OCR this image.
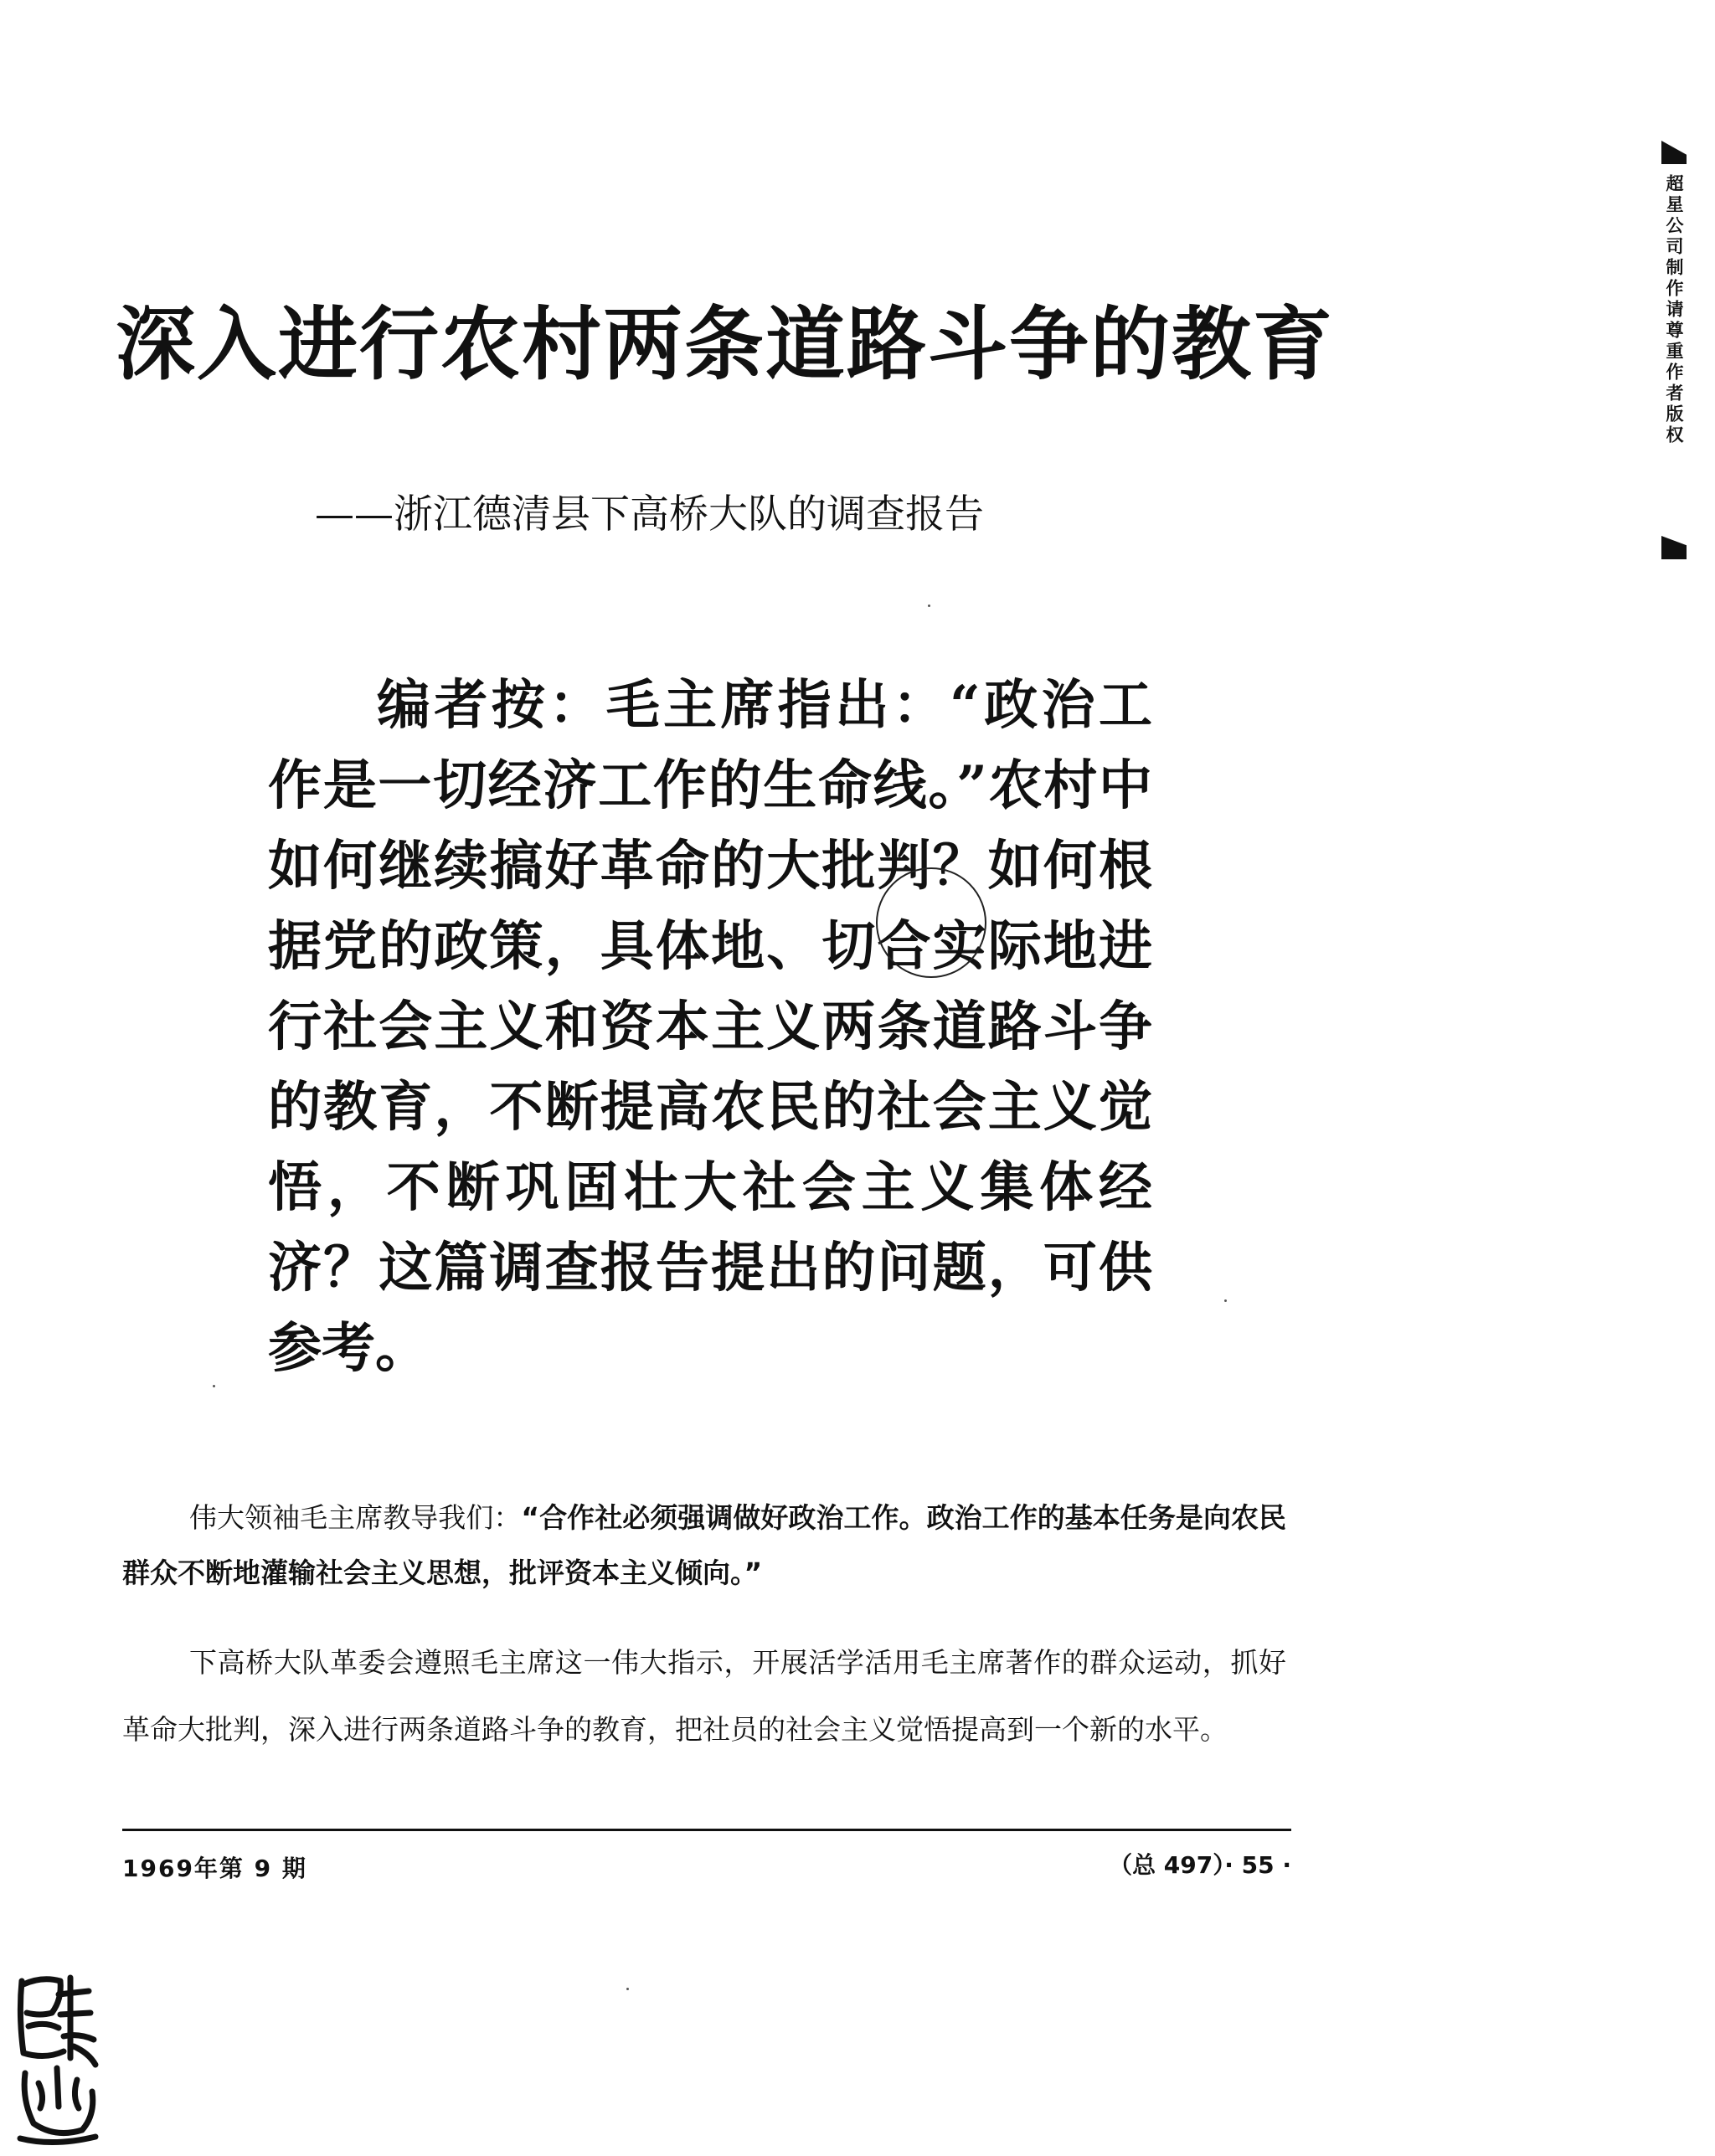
深入进行农村两条道路斗争的教育
——浙江德清县下高桥大队的调查报告

编者按：毛主席指出：“政治工作是一切经济工作的生命线。”农村中如何继续搞好革命的大批判？如何根据党的政策，具体地、切合实际地进行社会主义和资本主义两条道路斗争的教育，不断提高农民的社会主义觉悟，不断巩固壮大社会主义集体经济？这篇调查报告提出的问题，可供参考。

伟大领袖毛主席教导我们：“合作社必须强调做好政治工作。政治工作的基本任务是向农民群众不断地灌输社会主义思想，批评资本主义倾向。”

下高桥大队革委会遵照毛主席这一伟大指示，开展活学活用毛主席著作的群众运动，抓好革命大批判，深入进行两条道路斗争的教育，把社员的社会主义觉悟提高到一个新的水平。

1969年第 9 期	（总 497）· 55 ·
超星公司制作请尊重作者版权
